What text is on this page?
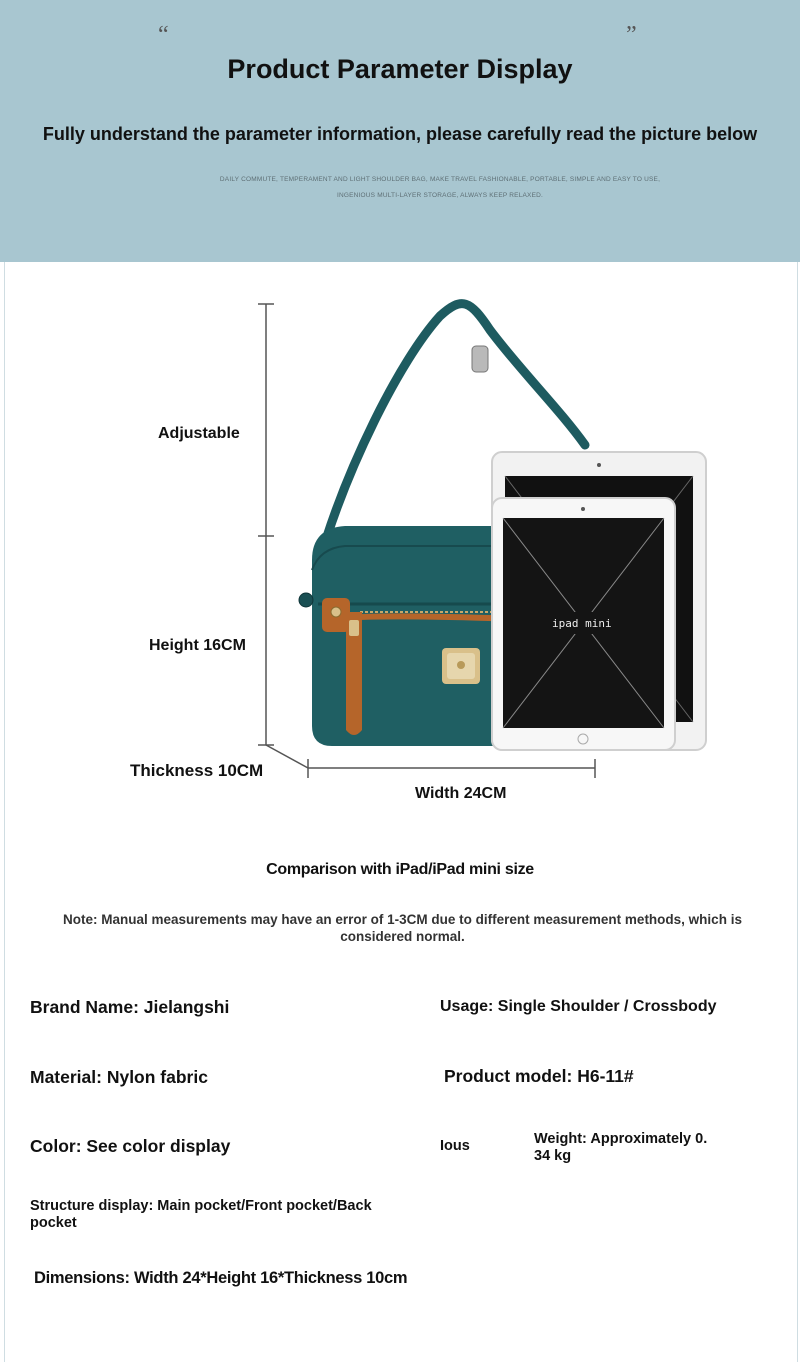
“	”
Product Parameter Display
Fully understand the parameter information, please carefully read the picture below
DAILY COMMUTE, TEMPERAMENT AND LIGHT SHOULDER BAG, MAKE TRAVEL FASHIONABLE, PORTABLE, SIMPLE AND EASY TO USE,
INGENIOUS MULTI-LAYER STORAGE, ALWAYS KEEP RELAXED.
ipad mini
Adjustable
Height 16CM
Thickness 10CM
Width 24CM
Comparison with iPad/iPad mini size
Note: Manual measurements may have an error of 1-3CM due to different measurement methods, which is considered normal.
Brand Name: Jielangshi	Usage: Single Shoulder / Crossbody
Material: Nylon fabric	Product model: H6-11#
Color: See color display	Ious	Weight: Approximately 0. 34 kg
Structure display: Main pocket/Front pocket/Back pocket
Dimensions: Width 24*Height 16*Thickness 10cm
